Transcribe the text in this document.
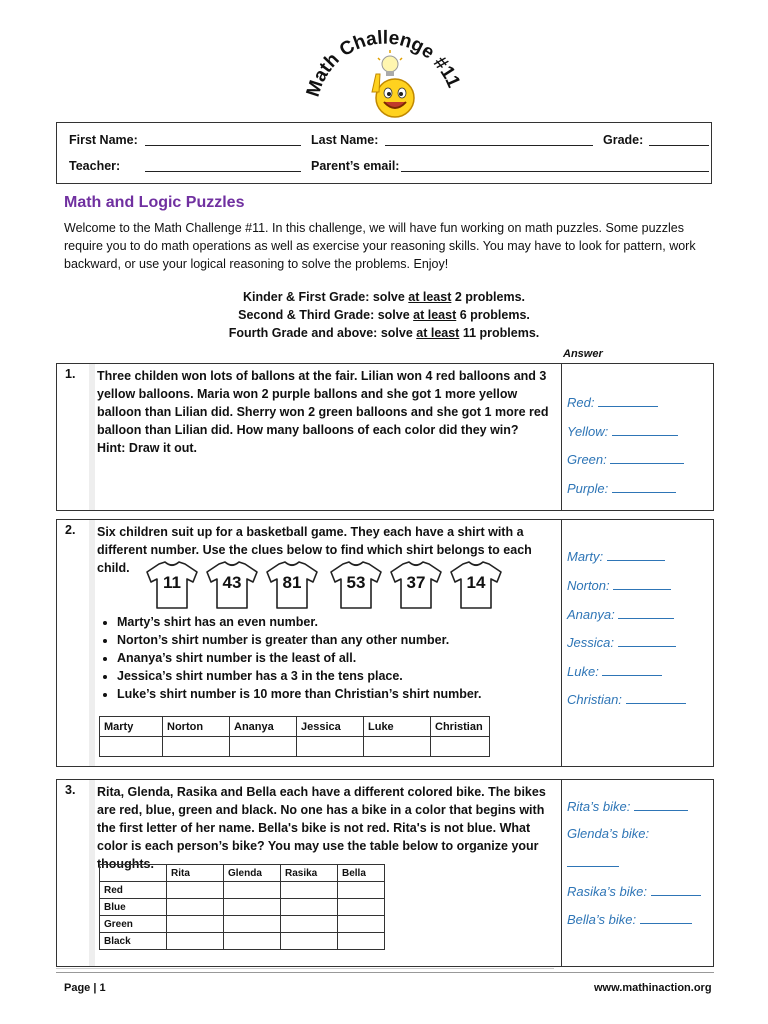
Math Challenge #11
First Name:	Last Name:	Grade:
Teacher:	Parent’s email:
Math and Logic Puzzles
Welcome to the Math Challenge #11. In this challenge, we will have fun working on math puzzles. Some puzzles require you to do math operations as well as exercise your reasoning skills. You may have to look for pattern, work backward, or use your logical reasoning to solve the problems. Enjoy!
Kinder & First Grade: solve at least 2 problems.
Second & Third Grade: solve at least 6 problems.
Fourth Grade and above: solve at least 11 problems.
Answer
1. Three childen won lots of ballons at the fair. Lilian won 4 red balloons and 3 yellow balloons. Maria won 2 purple ballons and she got 1 more yellow balloon than Lilian did. Sherry won 2 green balloons and she got 1 more red balloon than Lilian did. How many balloons of each color did they win?
Hint: Draw it out.
Red:
Yellow:
Green:
Purple:
2. Six children suit up for a basketball game. They each have a shirt with a different number. Use the clues below to find which shirt belongs to each child.
11	43	81	53	37	14
• Marty’s shirt has an even number.
• Norton’s shirt number is greater than any other number.
• Ananya’s shirt number is the least of all.
• Jessica’s shirt number has a 3 in the tens place.
• Luke’s shirt number is 10 more than Christian’s shirt number.
Marty	Norton	Ananya	Jessica	Luke	Christian

Marty:
Norton:
Ananya:
Jessica:
Luke:
Christian:
3. Rita, Glenda, Rasika and Bella each have a different colored bike. The bikes are red, blue, green and black. No one has a bike in a color that begins with the first letter of her name. Bella's bike is not red. Rita's is not blue. What color is each person’s bike? You may use the table below to organize your thoughts.
	Rita	Glenda	Rasika	Bella
Red				
Blue				
Green				
Black				
Rita’s bike:
Glenda’s bike:
Rasika’s bike:
Bella’s bike:
Page | 1	www.mathinaction.org
